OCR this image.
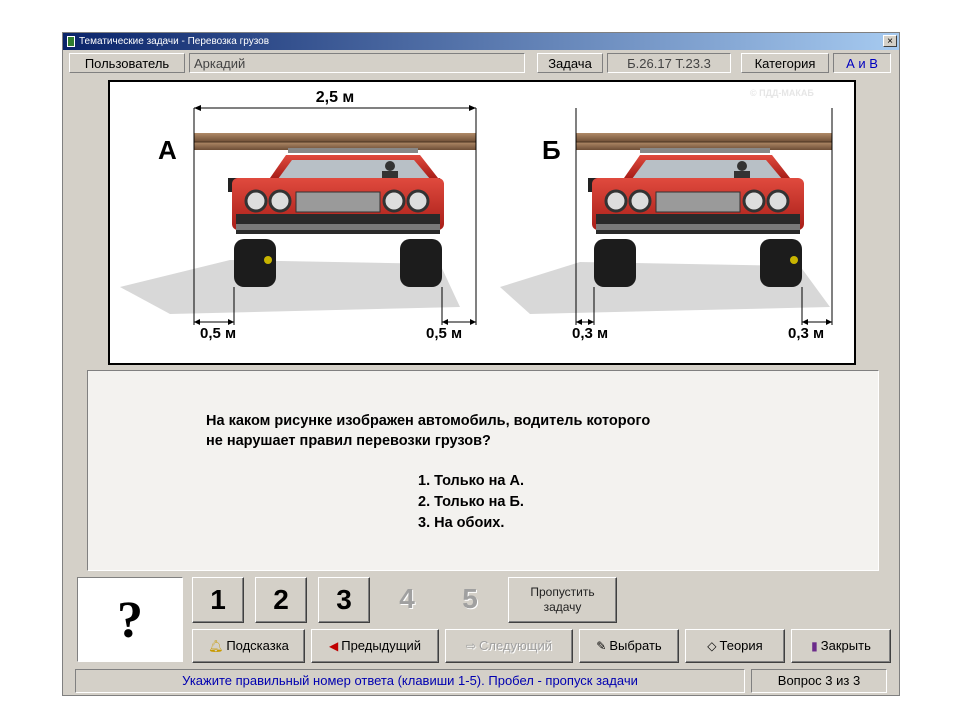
Тематические задачи - Перевозка грузов	×
Пользователь	Аркадий	Задача	Б.26.17 Т.23.3	Категория	А и В
2,5 м
А	Б
© ПДД-МАКАБ
0,5 м	0,5 м	0,3 м	0,3 м
На каком рисунке изображен автомобиль, водитель которого
не нарушает правил перевозки грузов?
1. Только на А.
2. Только на Б.
3. На обоих.
?	1	2	3	4	5	Пропустить
задачу
🔔︎ Подсказка	◀ Предыдущий	⇨ Следующий	✎ Выбрать	◇ Теория	▮ Закрыть
Укажите правильный номер ответа (клавиши 1-5). Пробел - пропуск задачи	Вопрос 3 из 3
